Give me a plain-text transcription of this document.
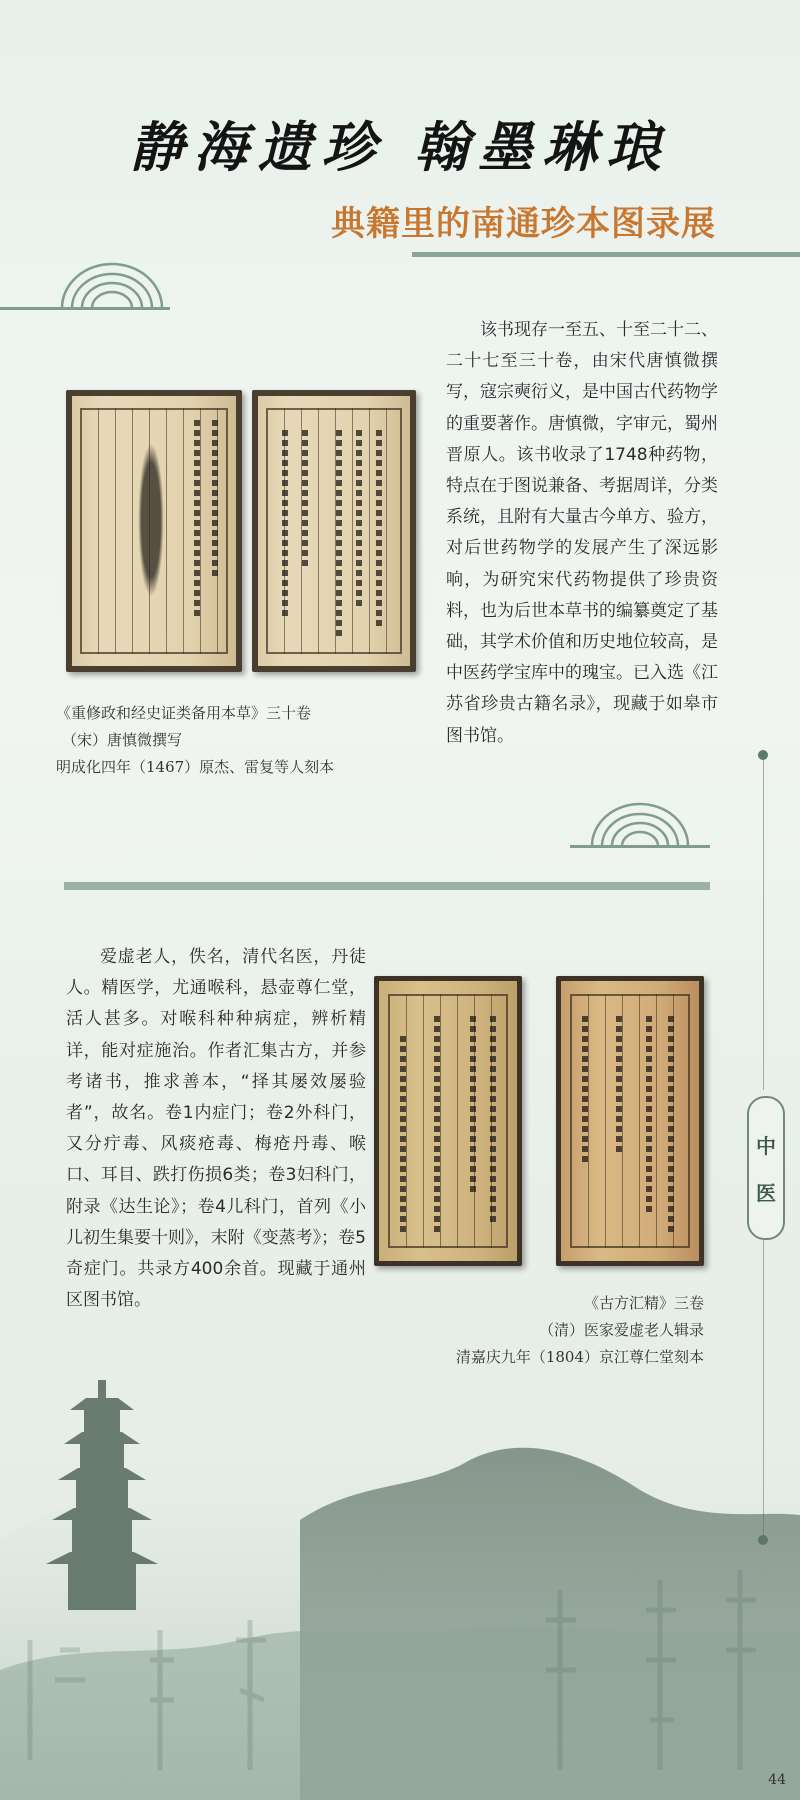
静海遗珍 翰墨琳琅
典籍里的南通珍本图录展
《重修政和经史证类备用本草》三十卷
（宋）唐慎微撰写
明成化四年（1467）原杰、雷复等人刻本
该书现存一至五、十至二十二、二十七至三十卷，由宋代唐慎微撰写，寇宗奭衍义，是中国古代药物学的重要著作。唐慎微，字审元，蜀州晋原人。该书收录了1748种药物，特点在于图说兼备、考据周详，分类系统，且附有大量古今单方、验方，对后世药物学的发展产生了深远影响，为研究宋代药物提供了珍贵资料，也为后世本草书的编纂奠定了基础，其学术价值和历史地位较高，是中医药学宝库中的瑰宝。已入选《江苏省珍贵古籍名录》，现藏于如皋市图书馆。
爱虚老人，佚名，清代名医，丹徒人。精医学，尤通喉科，悬壶尊仁堂，活人甚多。对喉科种种病症，辨析精详，能对症施治。作者汇集古方，并参考诸书，推求善本，“择其屡效屡验者”，故名。卷1内症门；卷2外科门，又分疔毒、风痰疮毒、梅疮丹毒、喉口、耳目、跌打伤损6类；卷3妇科门，附录《达生论》；卷4儿科门，首列《小儿初生集要十则》，末附《变蒸考》；卷5奇症门。共录方400余首。现藏于通州区图书馆。	《古方汇精》三卷
（清）医家爱虚老人辑录
清嘉庆九年（1804）京江尊仁堂刻本
中
医
44
